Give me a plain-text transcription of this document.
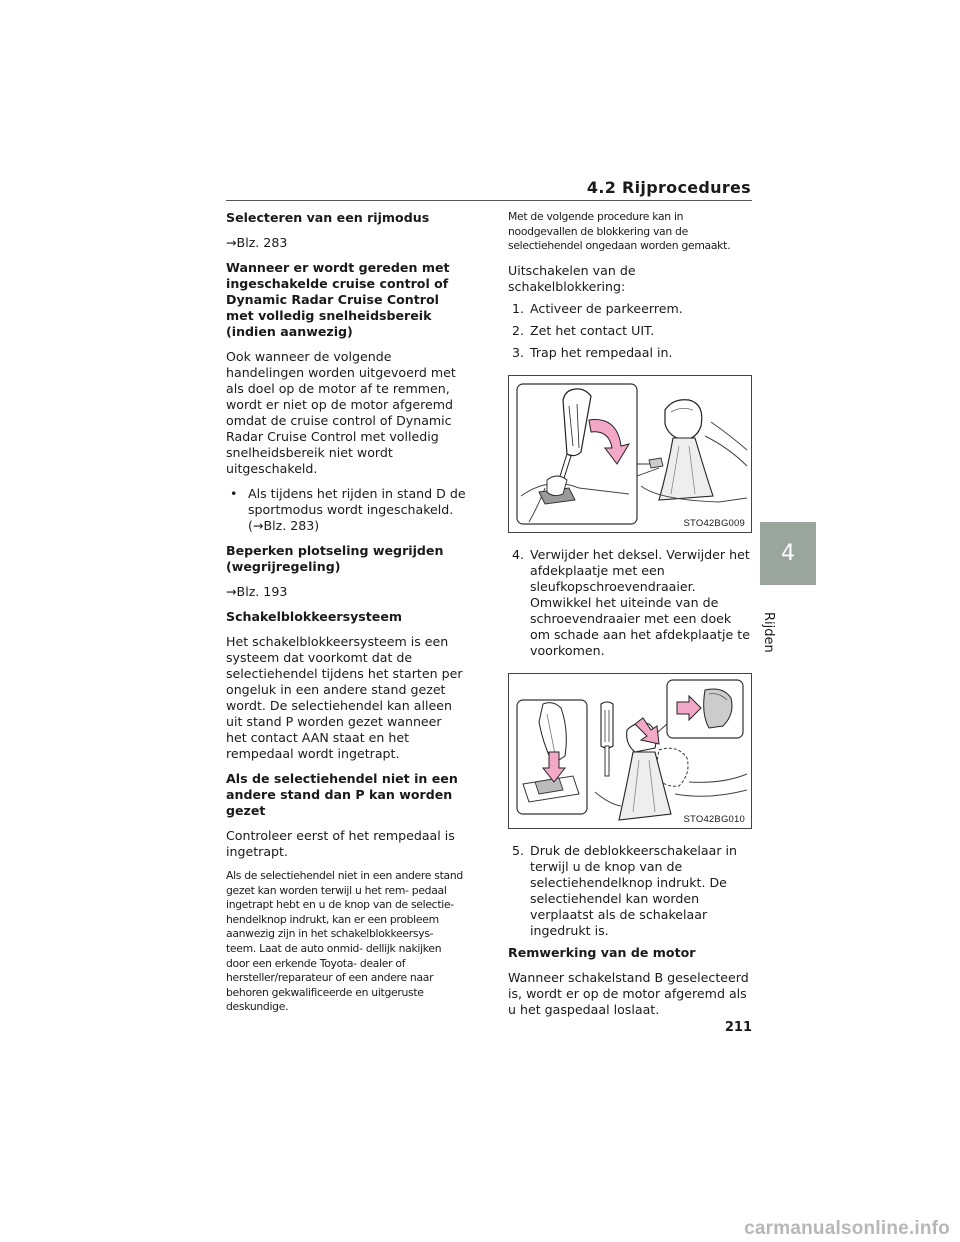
4.2 Rijprocedures

Selecteren van een rijmodus

→Blz. 283

Wanneer er wordt gereden met ingeschakelde cruise control of Dynamic Radar Cruise Control met volledig snelheidsbereik (indien aanwezig)

Ook wanneer de volgende handelingen worden uitgevoerd met als doel op de motor af te remmen, wordt er niet op de motor afgeremd omdat de cruise control of Dynamic Radar Cruise Control met volledig snelheidsbereik niet wordt uitgeschakeld.

• Als tijdens het rijden in stand D de sportmodus wordt ingeschakeld. (→Blz. 283)

Beperken plotseling wegrijden (wegrijregeling)

→Blz. 193

Schakelblokkeersysteem

Het schakelblokkeersysteem is een systeem dat voorkomt dat de selectiehendel tijdens het starten per ongeluk in een andere stand gezet wordt. De selectiehendel kan alleen uit stand P worden gezet wanneer het contact AAN staat en het rempedaal wordt ingetrapt.

Als de selectiehendel niet in een andere stand dan P kan worden gezet

Controleer eerst of het rempedaal is ingetrapt.

Als de selectiehendel niet in een andere stand gezet kan worden terwijl u het rem- pedaal ingetrapt hebt en u de knop van de selectie- hendelknop indrukt, kan er een probleem aanwezig zijn in het schakelblokkeersys- teem. Laat de auto onmid- dellijk nakijken door een erkende Toyota- dealer of hersteller/reparateur of een andere naar behoren gekwalificeerde en uitgeruste deskundige.

Met de volgende procedure kan in noodgevallen de blokkering van de selectiehendel ongedaan worden gemaakt.

Uitschakelen van de schakelblokkering:

1. Activeer de parkeerrem.
2. Zet het contact UIT.
3. Trap het rempedaal in.
STO42BG009
4. Verwijder het deksel. Verwijder het afdekplaatje met een sleufkopschroevendraaier. Omwikkel het uiteinde van de schroevendraaier met een doek om schade aan het afdekplaatje te voorkomen.
STO42BG010
5. Druk de deblokkeerschakelaar in terwijl u de knop van de selectiehendelknop indrukt. De selectiehendel kan worden verplaatst als de schakelaar ingedrukt is.

Remwerking van de motor

Wanneer schakelstand B geselecteerd is, wordt er op de motor afgeremd als u het gaspedaal loslaat.

4
Rijden
211
carmanualsonline.info
